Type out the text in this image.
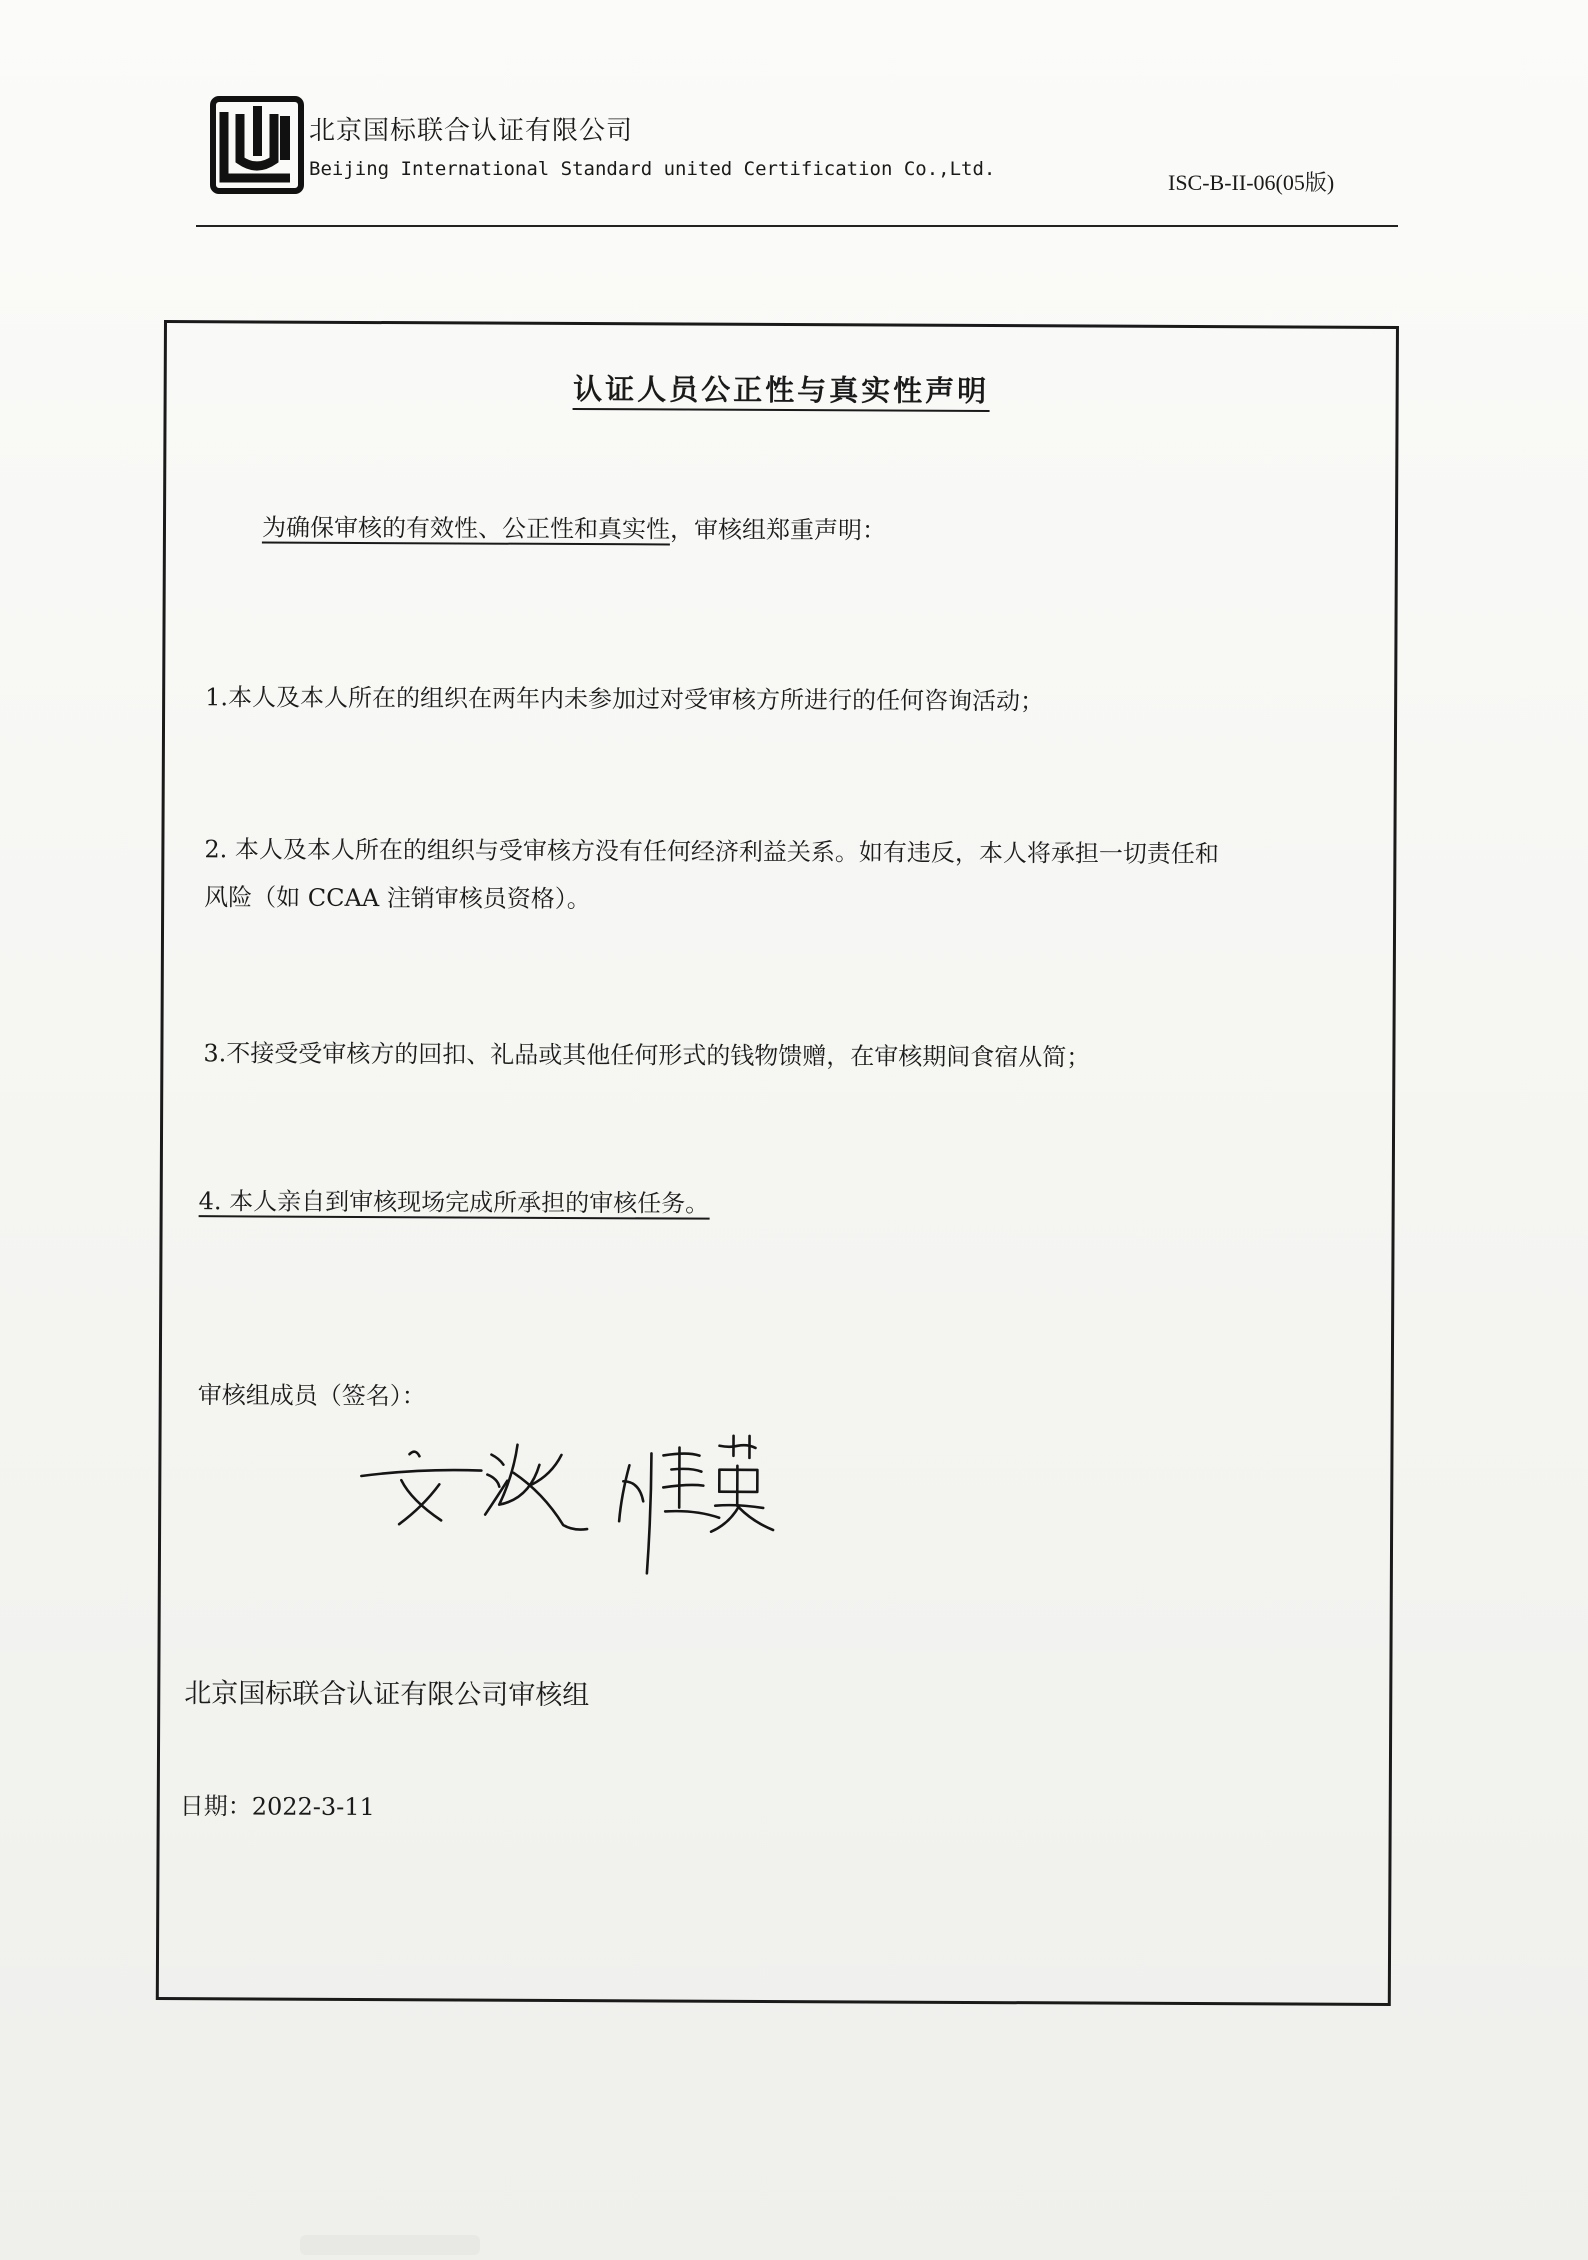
北京国标联合认证有限公司
Beijing International Standard united Certification Co.,Ltd.
ISC-B-II-06(05版)
认证人员公正性与真实性声明
为确保审核的有效性、公正性和真实性，审核组郑重声明：
1.本人及本人所在的组织在两年内未参加过对受审核方所进行的任何咨询活动；
2. 本人及本人所在的组织与受审核方没有任何经济利益关系。如有违反，本人将承担一切责任和
风险（如 CCAA 注销审核员资格）。
3.不接受受审核方的回扣、礼品或其他任何形式的钱物馈赠，在审核期间食宿从简；
4. 本人亲自到审核现场完成所承担的审核任务。
审核组成员（签名）：
北京国标联合认证有限公司审核组
日期：2022-3-11
